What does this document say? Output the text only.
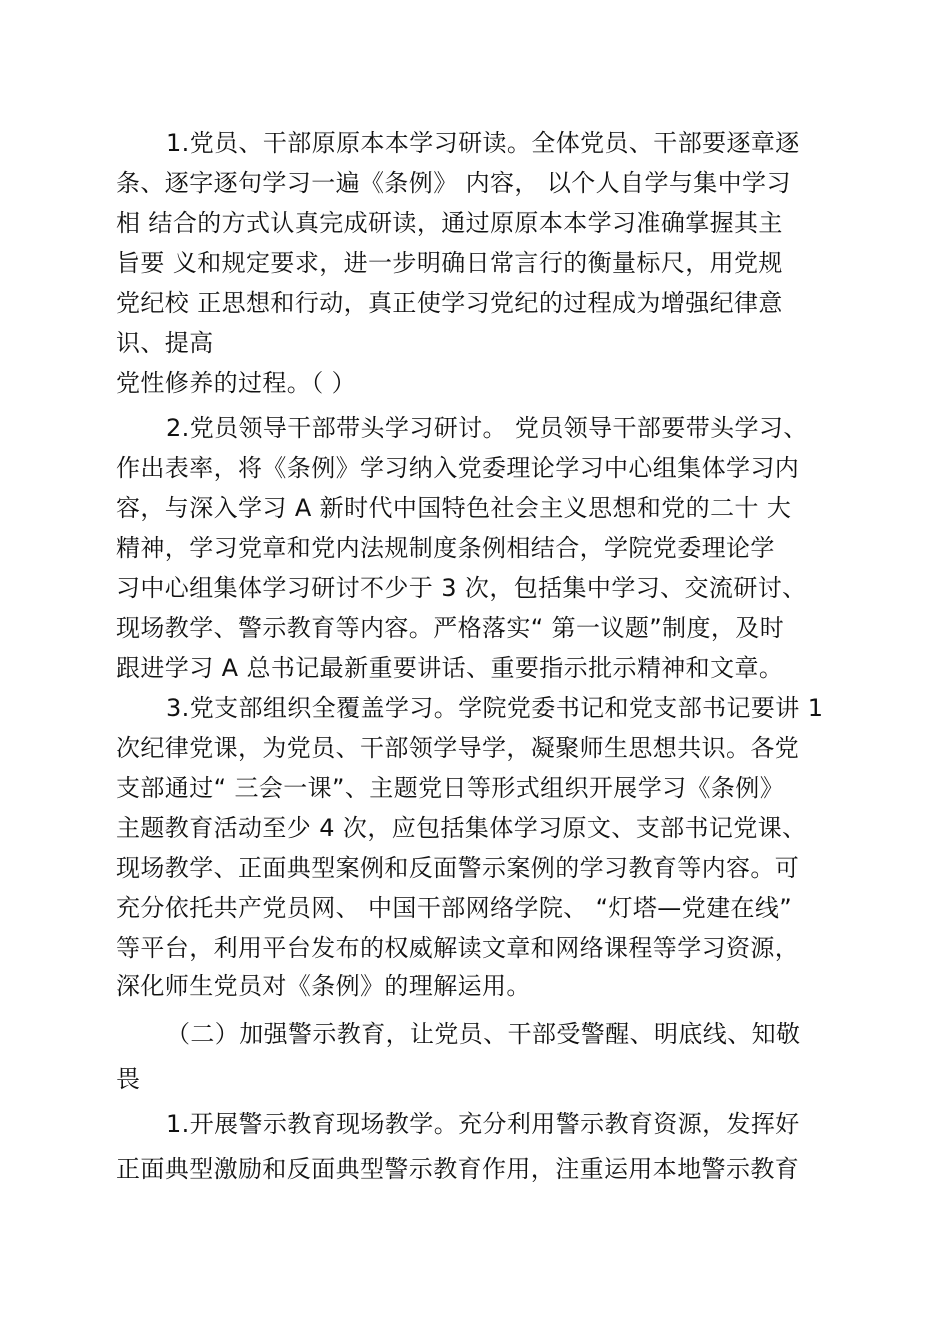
1.党员、干部原原本本学习研读。全体党员、干部要逐章逐
条、逐字逐句学习一遍《条例》 内容， 以个人自学与集中学习
相 结合的方式认真完成研读，通过原原本本学习准确掌握其主
旨要 义和规定要求，进一步明确日常言行的衡量标尺，用党规
党纪校 正思想和行动，真正使学习党纪的过程成为增强纪律意
识、提高
党性修养的过程。（ ）
2.党员领导干部带头学习研讨。 党员领导干部要带头学习、
作出表率，将《条例》学习纳入党委理论学习中心组集体学习内
容，与深入学习 A 新时代中国特色社会主义思想和党的二十 大
精神，学习党章和党内法规制度条例相结合，学院党委理论学
习中心组集体学习研讨不少于 3 次，包括集中学习、交流研讨、
现场教学、警示教育等内容。严格落实“ 第一议题”制度，及时
跟进学习 A 总书记最新重要讲话、重要指示批示精神和文章。
3.党支部组织全覆盖学习。学院党委书记和党支部书记要讲 1
次纪律党课，为党员、干部领学导学，凝聚师生思想共识。各党
支部通过“ 三会一课”、主题党日等形式组织开展学习《条例》
主题教育活动至少 4 次，应包括集体学习原文、支部书记党课、
现场教学、正面典型案例和反面警示案例的学习教育等内容。可
充分依托共产党员网、 中国干部网络学院、 “灯塔—党建在线”
等平台，利用平台发布的权威解读文章和网络课程等学习资源，
深化师生党员对《条例》的理解运用。
（二）加强警示教育，让党员、干部受警醒、明底线、知敬
畏
1.开展警示教育现场教学。充分利用警示教育资源，发挥好
正面典型激励和反面典型警示教育作用，注重运用本地警示教育
